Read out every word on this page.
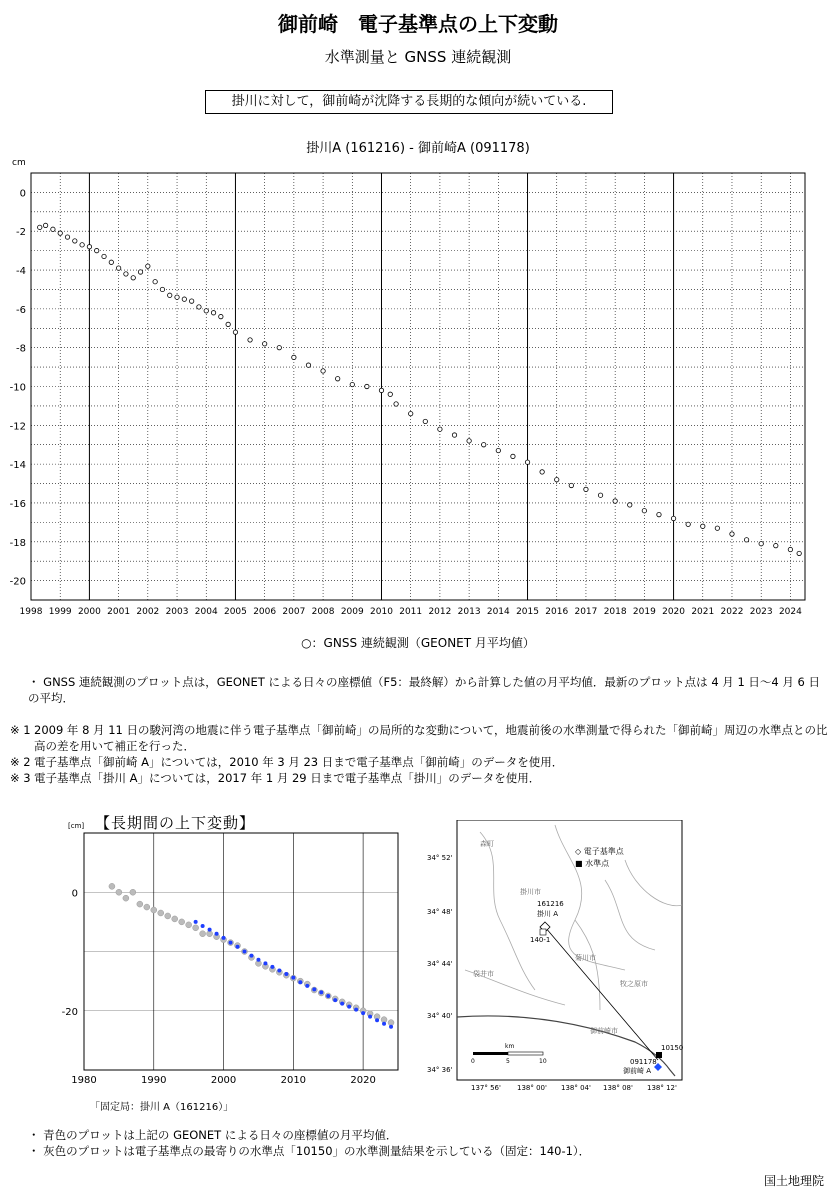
御前崎　電子基準点の上下変動
水準測量と GNSS 連続観測
掛川に対して，御前崎が沈降する長期的な傾向が続いている.
掛川A (161216) - 御前崎A (091178)
0
-2
-4
-6
-8
-10
-12
-14
-16
-18
-20
1998 1999 2000 2001 2002 2003 2004 2005 2006 2007 2008 2009 2010 2011 2012 2013 2014 2015 2016 2017 2018 2019 2020 2021 2022 2023 2024
cm
○：GNSS 連続観測（GEONET 月平均値）
・ GNSS 連続観測のプロット点は，GEONET による日々の座標値（F5：最終解）から計算した値の月平均値．最新のプロット点は 4 月 1 日～4 月 6 日の平均．
※ 1 2009 年 8 月 11 日の駿河湾の地震に伴う電子基準点「御前崎」の局所的な変動について，地震前後の水準測量で得られた「御前崎」周辺の水準点との比高の差を用いて補正を行った．
※ 2 電子基準点「御前崎 A」については，2010 年 3 月 23 日まで電子基準点「御前崎」のデータを使用．
※ 3 電子基準点「掛川 A」については，2017 年 1 月 29 日まで電子基準点「掛川」のデータを使用．
[cm] 【長期間の上下変動】
0
-20
1980	1990	2000	2010	2020
「固定局：掛川 A（161216）」
◇ 電子基準点
■ 水準点
森町
掛川市
菊川市
袋井市
牧之原市
御前崎市
161216
掛川 A
140-1
10150
091178
御前崎 A
km
0	5	10
34° 52'
34° 48'
34° 44'
34° 40'
34° 36'
137° 56' 138° 00' 138° 04' 138° 08' 138° 12'
・ 青色のプロットは上記の GEONET による日々の座標値の月平均値．
・ 灰色のプロットは電子基準点の最寄りの水準点「10150」の水準測量結果を示している（固定：140-1）．
国土地理院
